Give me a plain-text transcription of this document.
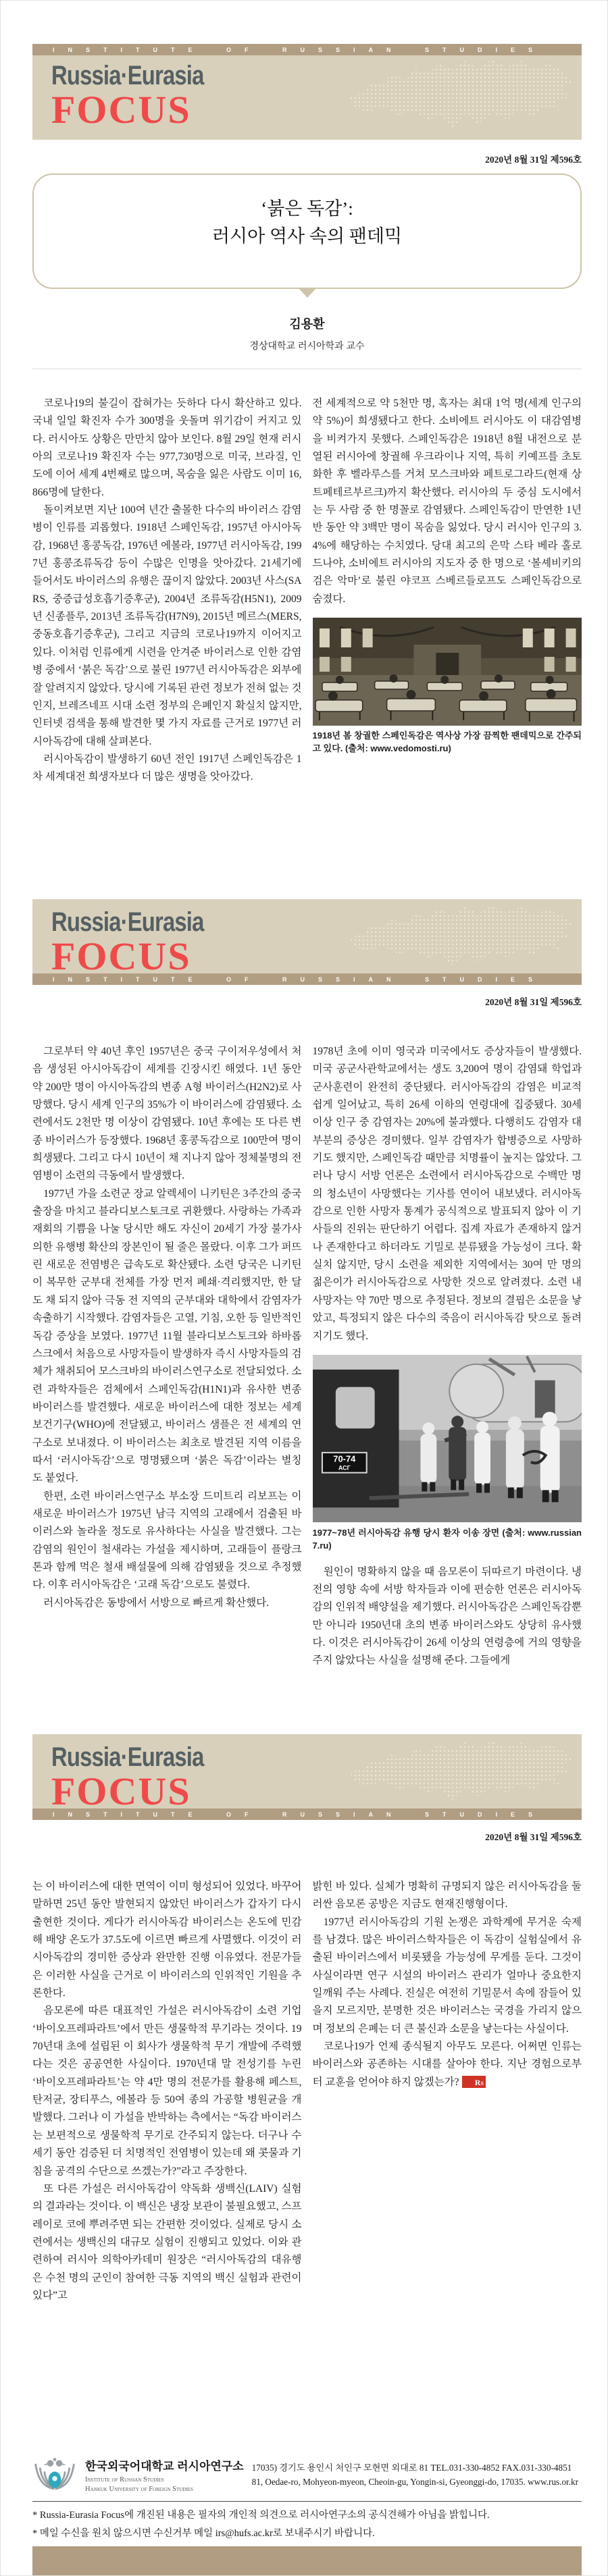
INSTITUTE OF RUSSIAN STUDIES
Russia·Eurasia
FOCUS
2020년 8월 31일 제596호
‘붉은 독감’:
러시아 역사 속의 팬데믹
김용환
경상대학교 러시아학과 교수

코로나19의 불길이 잡혀가는 듯하다 다시 확산하고 있다. 국내 일일 확진자 수가 300명을 웃돌며 위기감이 커지고 있다. 러시아도 상황은 만만치 않아 보인다. 8월 29일 현재 러시아의 코로나19 확진자 수는 977,730명으로 미국, 브라질, 인도에 이어 세계 4번째로 많으며, 목숨을 잃은 사람도 이미 16,866명에 달한다.

돌이켜보면 지난 100여 년간 출몰한 다수의 바이러스 감염병이 인류를 괴롭혔다. 1918년 스페인독감, 1957년 아시아독감, 1968년 홍콩독감, 1976년 에볼라, 1977년 러시아독감, 1997년 홍콩조류독감 등이 수많은 인명을 앗아갔다. 21세기에 들어서도 바이러스의 유행은 끊이지 않았다. 2003년 사스(SARS, 중증급성호흡기증후군), 2004년 조류독감(H5N1), 2009년 신종플루, 2013년 조류독감(H7N9), 2015년 메르스(MERS, 중동호흡기증후군), 그리고 지금의 코로나19까지 이어지고 있다. 이처럼 인류에게 시련을 안겨준 바이러스로 인한 감염병 중에서 ‘붉은 독감’으로 불린 1977년 러시아독감은 외부에 잘 알려지지 않았다. 당시에 기록된 관련 정보가 전혀 없는 것인지, 브레즈네프 시대 소련 정부의 은폐인지 확실치 않지만, 인터넷 검색을 통해 발견한 몇 가지 자료를 근거로 1977년 러시아독감에 대해 살펴본다.

러시아독감이 발생하기 60년 전인 1917년 스페인독감은 1차 세계대전 희생자보다 더 많은 생명을 앗아갔다.

전 세계적으로 약 5천만 명, 혹자는 최대 1억 명(세계 인구의 약 5%)이 희생됐다고 한다. 소비에트 러시아도 이 대감염병을 비켜가지 못했다. 스페인독감은 1918년 8월 내전으로 분열된 러시아에 창궐해 우크라이나 지역, 특히 키예프를 초토화한 후 벨라루스를 거쳐 모스크바와 페트로그라드(현재 상트페테르부르크)까지 확산했다. 러시아의 두 중심 도시에서는 두 사람 중 한 명꼴로 감염됐다. 스페인독감이 만연한 1년 반 동안 약 3백만 명이 목숨을 잃었다. 당시 러시아 인구의 3.4%에 해당하는 수치였다. 당대 최고의 은막 스타 베라 홀로드나야, 소비에트 러시아의 지도자 중 한 명으로 ‘볼셰비키의 검은 악마’로 불린 야코프 스베르들로프도 스페인독감으로 숨졌다.

1918년 봄 창궐한 스페인독감은 역사상 가장 끔찍한 팬데믹으로 간주되고 있다. (출처: www.vedomosti.ru)
Russia·Eurasia
FOCUS
INSTITUTE OF RUSSIAN STUDIES
2020년 8월 31일 제596호

그로부터 약 40년 후인 1957년은 중국 구이저우성에서 처음 생성된 아시아독감이 세계를 긴장시킨 해였다. 1년 동안 약 200만 명이 아시아독감의 변종 A형 바이러스(H2N2)로 사망했다. 당시 세계 인구의 35%가 이 바이러스에 감염됐다. 소련에서도 2천만 명 이상이 감염됐다. 10년 후에는 또 다른 변종 바이러스가 등장했다. 1968년 홍콩독감으로 100만여 명이 희생됐다. 그리고 다시 10년이 채 지나지 않아 정체불명의 전염병이 소련의 극동에서 발생했다.

1977년 가을 소련군 장교 알렉세이 니키틴은 3주간의 중국 출장을 마치고 블라디보스토크로 귀환했다. 사랑하는 가족과 재회의 기쁨을 나눌 당시만 해도 자신이 20세기 가장 불가사의한 유행병 확산의 장본인이 될 줄은 몰랐다. 이후 그가 퍼뜨린 새로운 전염병은 급속도로 확산됐다. 소련 당국은 니키틴이 복무한 군부대 전체를 가장 먼저 폐쇄·격리했지만, 한 달도 채 되지 않아 극동 전 지역의 군부대와 대학에서 감염자가 속출하기 시작했다. 감염자들은 고열, 기침, 오한 등 일반적인 독감 증상을 보였다. 1977년 11월 블라디보스토크와 하바롭스크에서 처음으로 사망자들이 발생하자 즉시 사망자들의 검체가 채취되어 모스크바의 바이러스연구소로 전달되었다. 소련 과학자들은 검체에서 스페인독감(H1N1)과 유사한 변종 바이러스를 발견했다. 새로운 바이러스에 대한 정보는 세계보건기구(WHO)에 전달됐고, 바이러스 샘플은 전 세계의 연구소로 보내졌다. 이 바이러스는 최초로 발견된 지역 이름을 따서 ‘러시아독감’으로 명명됐으며 ‘붉은 독감’이라는 별칭도 붙었다.

한편, 소련 바이러스연구소 부소장 드미트리 리보프는 이 새로운 바이러스가 1975년 남극 지역의 고래에서 검출된 바이러스와 놀라울 정도로 유사하다는 사실을 발견했다. 그는 감염의 원인이 철새라는 가설을 제시하며, 고래들이 플랑크톤과 함께 먹은 철새 배설물에 의해 감염됐을 것으로 추정했다. 이후 러시아독감은 ‘고래 독감’으로도 불렸다.

러시아독감은 동방에서 서방으로 빠르게 확산했다.

1978년 초에 이미 영국과 미국에서도 증상자들이 발생했다. 미국 공군사관학교에서는 생도 3,200여 명이 감염돼 학업과 군사훈련이 완전히 중단됐다. 러시아독감의 감염은 비교적 쉽게 일어났고, 특히 26세 이하의 연령대에 집중됐다. 30세 이상 인구 중 감염자는 20%에 불과했다. 다행히도 감염자 대부분의 증상은 경미했다. 일부 감염자가 합병증으로 사망하기도 했지만, 스페인독감 때만큼 치명률이 높지는 않았다. 그러나 당시 서방 언론은 소련에서 러시아독감으로 수백만 명의 청소년이 사망했다는 기사를 연이어 내보냈다. 러시아독감으로 인한 사망자 통계가 공식적으로 발표되지 않아 이 기사들의 진위는 판단하기 어렵다. 집계 자료가 존재하지 않거나 존재한다고 하더라도 기밀로 분류됐을 가능성이 크다. 확실치 않지만, 당시 소련을 제외한 지역에서는 30여 만 명의 젊은이가 러시아독감으로 사망한 것으로 알려졌다. 소련 내 사망자는 약 70만 명으로 추정된다. 정보의 결핍은 소문을 낳았고, 특정되지 않은 다수의 죽음이 러시아독감 탓으로 돌려지기도 했다.

70-74
АСГ
1977~78년 러시아독감 유행 당시 환자 이송 장면 (출처: www.russian7.ru)

원인이 명확하지 않을 때 음모론이 뒤따르기 마련이다. 냉전의 영향 속에 서방 학자들과 이에 편승한 언론은 러시아독감의 인위적 배양설을 제기했다. 러시아독감은 스페인독감뿐만 아니라 1950년대 초의 변종 바이러스와도 상당히 유사했다. 이것은 러시아독감이 26세 이상의 연령층에 거의 영향을 주지 않았다는 사실을 설명해 준다. 그들에게

Russia·Eurasia
FOCUS
INSTITUTE OF RUSSIAN STUDIES
2020년 8월 31일 제596호

는 이 바이러스에 대한 면역이 이미 형성되어 있었다. 바꾸어 말하면 25년 동안 발현되지 않았던 바이러스가 갑자기 다시 출현한 것이다. 게다가 러시아독감 바이러스는 온도에 민감해 배양 온도가 37.5도에 이르면 빠르게 사멸했다. 이것이 러시아독감의 경미한 증상과 완만한 진행 이유였다. 전문가들은 이러한 사실을 근거로 이 바이러스의 인위적인 기원을 추론한다.

음모론에 따른 대표적인 가설은 러시아독감이 소련 기업 ‘바이오프레파라트’에서 만든 생물학적 무기라는 것이다. 1970년대 초에 설립된 이 회사가 생물학적 무기 개발에 주력했다는 것은 공공연한 사실이다. 1970년대 말 전성기를 누린 ‘바이오프레파라트’는 약 4만 명의 전문가를 활용해 페스트, 탄저균, 장티푸스, 에볼라 등 50여 종의 가공할 병원균을 개발했다. 그러나 이 가설을 반박하는 측에서는 “독감 바이러스는 보편적으로 생물학적 무기로 간주되지 않는다. 더구나 수세기 동안 검증된 더 치명적인 전염병이 있는데 왜 콧물과 기침을 공격의 수단으로 쓰겠는가?”라고 주장한다.

또 다른 가설은 러시아독감이 약독화 생백신(LAIV) 실험의 결과라는 것이다. 이 백신은 냉장 보관이 불필요했고, 스프레이로 코에 뿌려주면 되는 간편한 것이었다. 실제로 당시 소련에서는 생백신의 대규모 실험이 진행되고 있었다. 이와 관련하여 러시아 의학아카데미 원장은 “러시아독감의 대유행은 수천 명의 군인이 참여한 극동 지역의 백신 실험과 관련이 있다”고

밝힌 바 있다. 실체가 명확히 규명되지 않은 러시아독감을 둘러싼 음모론 공방은 지금도 현재진행형이다.

1977년 러시아독감의 기원 논쟁은 과학계에 무거운 숙제를 남겼다. 많은 바이러스학자들은 이 독감이 실험실에서 유출된 바이러스에서 비롯됐을 가능성에 무게를 둔다. 그것이 사실이라면 연구 시설의 바이러스 관리가 얼마나 중요한지 일깨워 주는 사례다. 진실은 여전히 기밀문서 속에 잠들어 있을지 모르지만, 분명한 것은 바이러스는 국경을 가리지 않으며 정보의 은폐는 더 큰 불신과 소문을 낳는다는 사실이다.

코로나19가 언제 종식될지 아무도 모른다. 어쩌면 인류는 바이러스와 공존하는 시대를 살아야 한다. 지난 경험으로부터 교훈을 얻어야 하지 않겠는가? RS

한국외국어대학교 러시아연구소
Institute of Russian Studies
Hankuk University of Foreign Studies
17035) 경기도 용인시 처인구 모현면 외대로 81 TEL.031-330-4852 FAX.031-330-4851
81, Oedae-ro, Mohyeon-myeon, Cheoin-gu, Yongin-si, Gyeonggi-do, 17035. www.rus.or.kr

* Russia-Eurasia Focus에 개진된 내용은 필자의 개인적 의견으로 러시아연구소의 공식견해가 아님을 밝힙니다.

* 메일 수신을 원치 않으시면 수신거부 메일 irs@hufs.ac.kr로 보내주시기 바랍니다.
